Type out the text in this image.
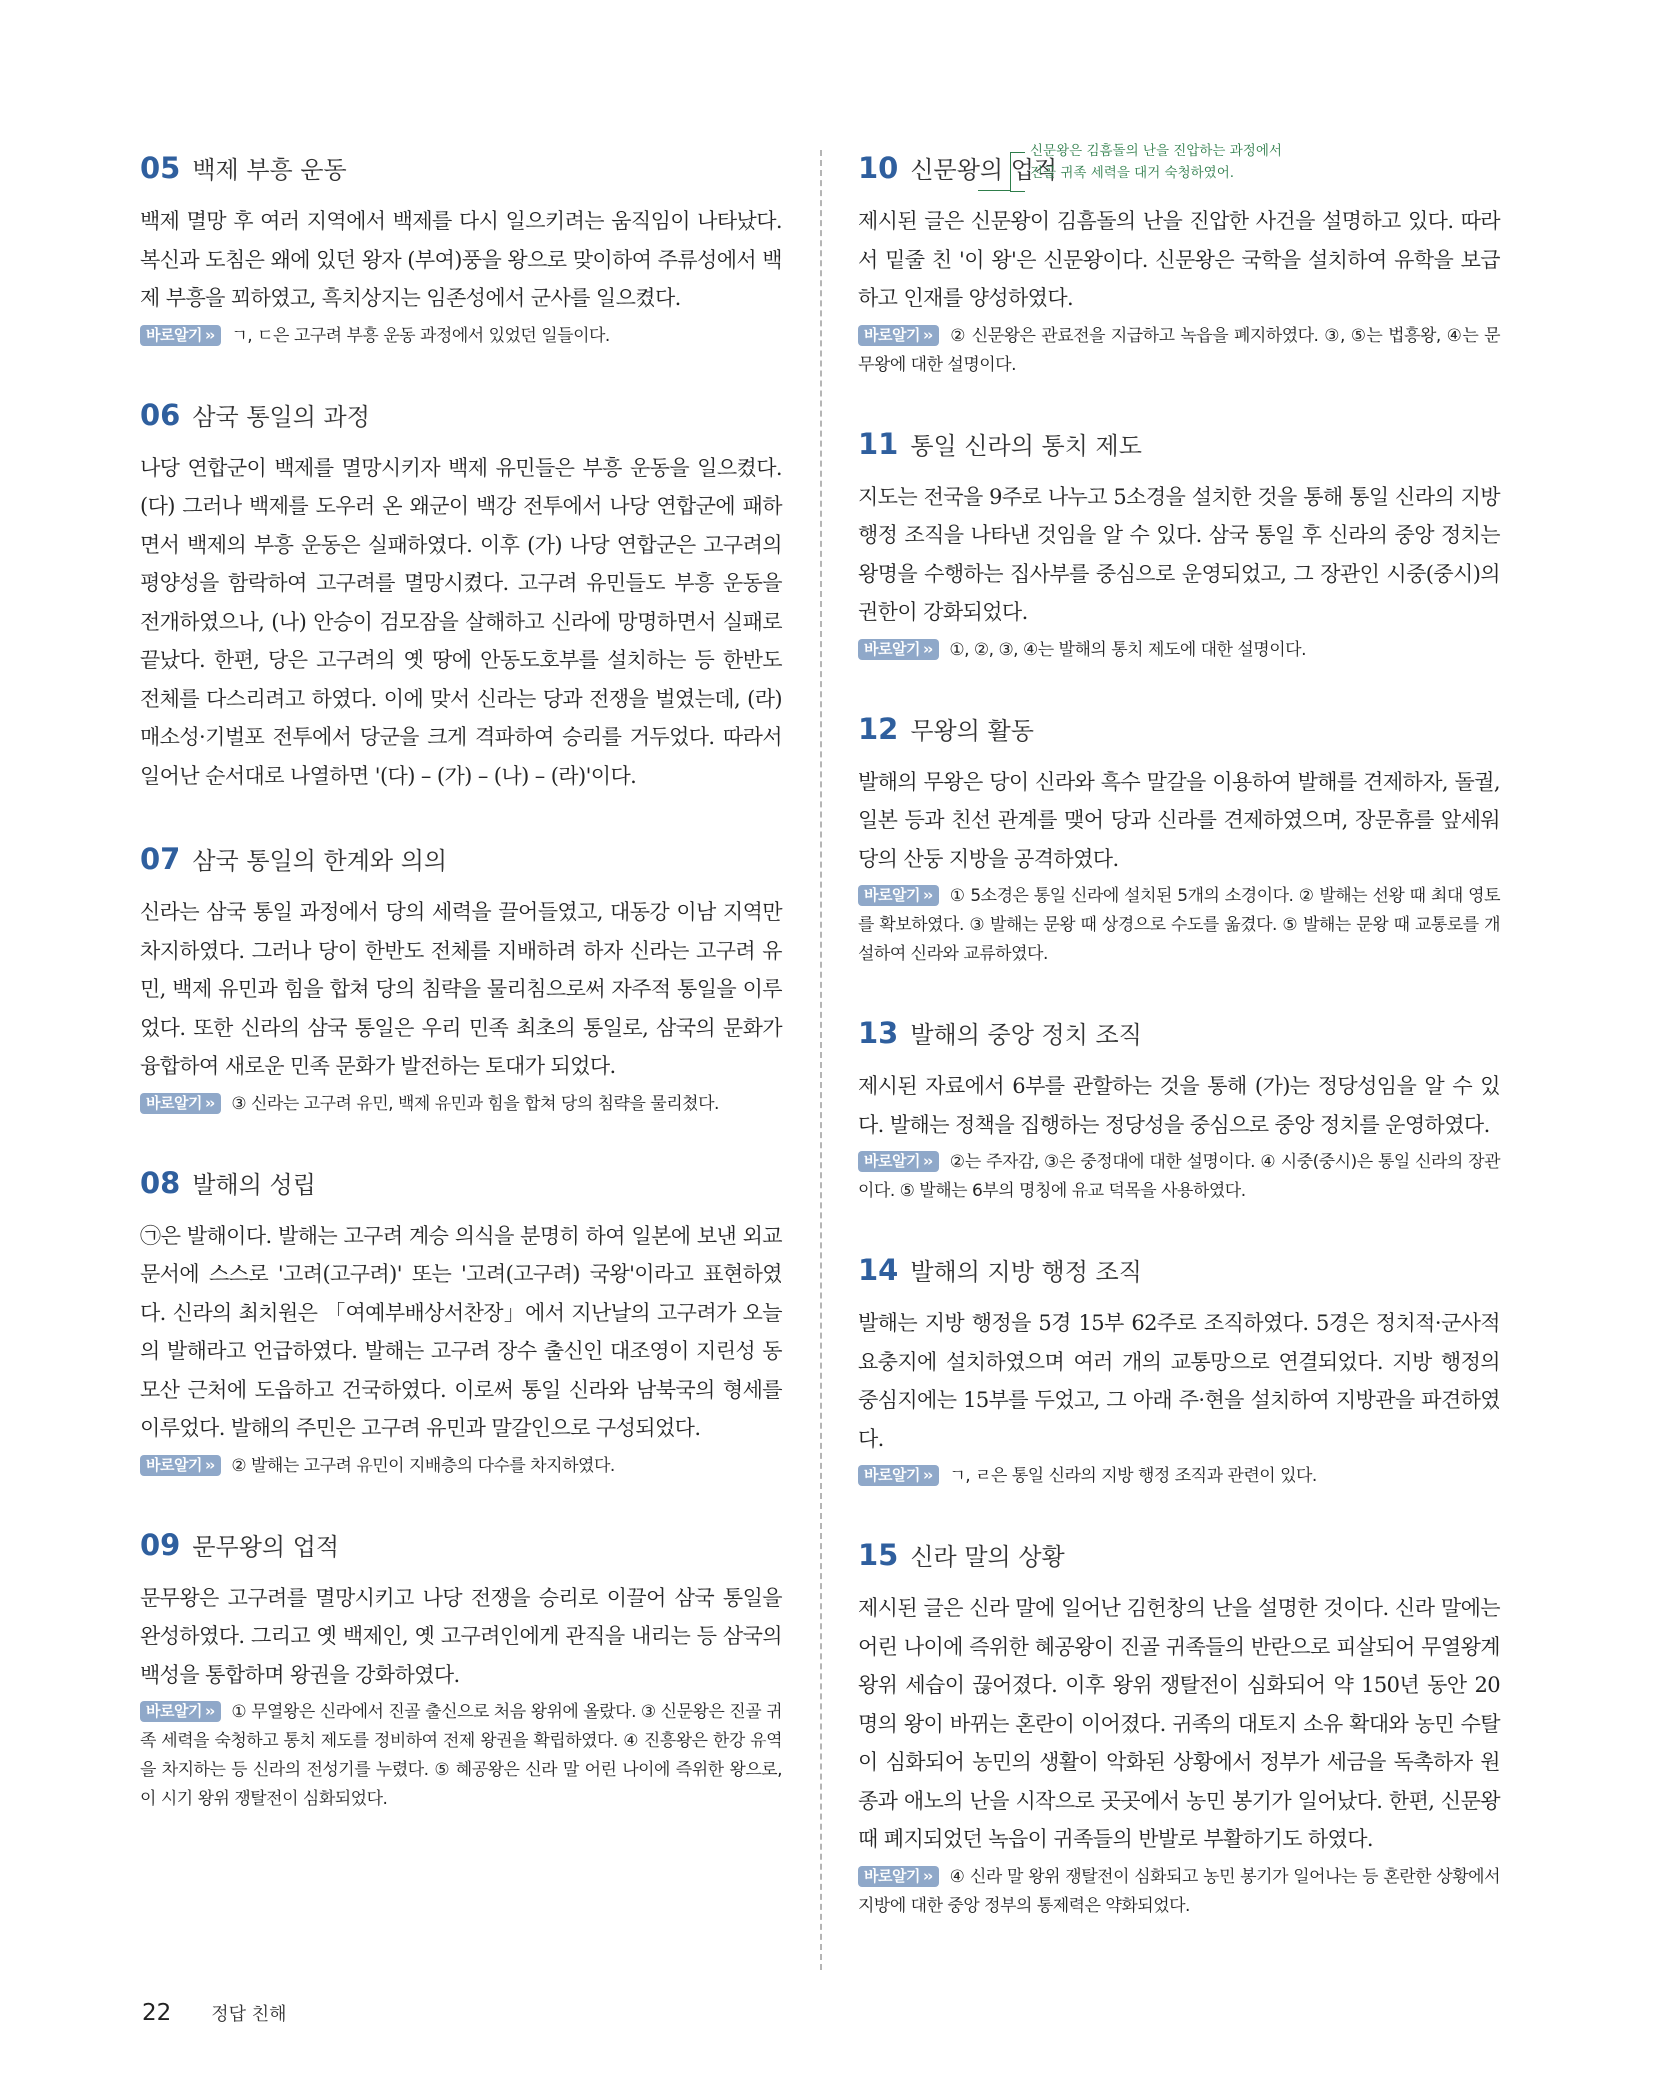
05 백제 부흥 운동

백제 멸망 후 여러 지역에서 백제를 다시 일으키려는 움직임이 나타났다. 복신과 도침은 왜에 있던 왕자 (부여)풍을 왕으로 맞이하여 주류성에서 백제 부흥을 꾀하였고, 흑치상지는 임존성에서 군사를 일으켰다.

바로알기 ›› ㄱ, ㄷ은 고구려 부흥 운동 과정에서 있었던 일들이다.
06 삼국 통일의 과정

나당 연합군이 백제를 멸망시키자 백제 유민들은 부흥 운동을 일으켰다. (다) 그러나 백제를 도우러 온 왜군이 백강 전투에서 나당 연합군에 패하면서 백제의 부흥 운동은 실패하였다. 이후 (가) 나당 연합군은 고구려의 평양성을 함락하여 고구려를 멸망시켰다. 고구려 유민들도 부흥 운동을 전개하였으나, (나) 안승이 검모잠을 살해하고 신라에 망명하면서 실패로 끝났다. 한편, 당은 고구려의 옛 땅에 안동도호부를 설치하는 등 한반도 전체를 다스리려고 하였다. 이에 맞서 신라는 당과 전쟁을 벌였는데, (라) 매소성·기벌포 전투에서 당군을 크게 격파하여 승리를 거두었다. 따라서 일어난 순서대로 나열하면 '(다) – (가) – (나) – (라)'이다.

07 삼국 통일의 한계와 의의

신라는 삼국 통일 과정에서 당의 세력을 끌어들였고, 대동강 이남 지역만 차지하였다. 그러나 당이 한반도 전체를 지배하려 하자 신라는 고구려 유민, 백제 유민과 힘을 합쳐 당의 침략을 물리침으로써 자주적 통일을 이루었다. 또한 신라의 삼국 통일은 우리 민족 최초의 통일로, 삼국의 문화가 융합하여 새로운 민족 문화가 발전하는 토대가 되었다.

바로알기 ›› ③ 신라는 고구려 유민, 백제 유민과 힘을 합쳐 당의 침략을 물리쳤다.
08 발해의 성립

㉠은 발해이다. 발해는 고구려 계승 의식을 분명히 하여 일본에 보낸 외교 문서에 스스로 '고려(고구려)' 또는 '고려(고구려) 국왕'이라고 표현하였다. 신라의 최치원은 「여예부배상서찬장」에서 지난날의 고구려가 오늘의 발해라고 언급하였다. 발해는 고구려 장수 출신인 대조영이 지린성 동모산 근처에 도읍하고 건국하였다. 이로써 통일 신라와 남북국의 형세를 이루었다. 발해의 주민은 고구려 유민과 말갈인으로 구성되었다.

바로알기 ›› ② 발해는 고구려 유민이 지배층의 다수를 차지하였다.
09 문무왕의 업적

문무왕은 고구려를 멸망시키고 나당 전쟁을 승리로 이끌어 삼국 통일을 완성하였다. 그리고 옛 백제인, 옛 고구려인에게 관직을 내리는 등 삼국의 백성을 통합하며 왕권을 강화하였다.

바로알기 ›› ① 무열왕은 신라에서 진골 출신으로 처음 왕위에 올랐다. ③ 신문왕은 진골 귀족 세력을 숙청하고 통치 제도를 정비하여 전제 왕권을 확립하였다. ④ 진흥왕은 한강 유역을 차지하는 등 신라의 전성기를 누렸다. ⑤ 혜공왕은 신라 말 어린 나이에 즉위한 왕으로, 이 시기 왕위 쟁탈전이 심화되었다.
10 신문왕의 업적

제시된 글은 신문왕이 김흠돌의 난을 진압한 사건을 설명하고 있다. 따라서 밑줄 친 '이 왕'은 신문왕이다. 신문왕은 국학을 설치하여 유학을 보급하고 인재를 양성하였다.

바로알기 ›› ② 신문왕은 관료전을 지급하고 녹읍을 폐지하였다. ③, ⑤는 법흥왕, ④는 문무왕에 대한 설명이다.
11 통일 신라의 통치 제도

지도는 전국을 9주로 나누고 5소경을 설치한 것을 통해 통일 신라의 지방 행정 조직을 나타낸 것임을 알 수 있다. 삼국 통일 후 신라의 중앙 정치는 왕명을 수행하는 집사부를 중심으로 운영되었고, 그 장관인 시중(중시)의 권한이 강화되었다.

바로알기 ›› ①, ②, ③, ④는 발해의 통치 제도에 대한 설명이다.
12 무왕의 활동

발해의 무왕은 당이 신라와 흑수 말갈을 이용하여 발해를 견제하자, 돌궐, 일본 등과 친선 관계를 맺어 당과 신라를 견제하였으며, 장문휴를 앞세워 당의 산둥 지방을 공격하였다.

바로알기 ›› ① 5소경은 통일 신라에 설치된 5개의 소경이다. ② 발해는 선왕 때 최대 영토를 확보하였다. ③ 발해는 문왕 때 상경으로 수도를 옮겼다. ⑤ 발해는 문왕 때 교통로를 개설하여 신라와 교류하였다.
13 발해의 중앙 정치 조직

제시된 자료에서 6부를 관할하는 것을 통해 (가)는 정당성임을 알 수 있다. 발해는 정책을 집행하는 정당성을 중심으로 중앙 정치를 운영하였다.

바로알기 ›› ②는 주자감, ③은 중정대에 대한 설명이다. ④ 시중(중시)은 통일 신라의 장관이다. ⑤ 발해는 6부의 명칭에 유교 덕목을 사용하였다.
14 발해의 지방 행정 조직

발해는 지방 행정을 5경 15부 62주로 조직하였다. 5경은 정치적·군사적 요충지에 설치하였으며 여러 개의 교통망으로 연결되었다. 지방 행정의 중심지에는 15부를 두었고, 그 아래 주·현을 설치하여 지방관을 파견하였다.

바로알기 ›› ㄱ, ㄹ은 통일 신라의 지방 행정 조직과 관련이 있다.
15 신라 말의 상황

제시된 글은 신라 말에 일어난 김헌창의 난을 설명한 것이다. 신라 말에는 어린 나이에 즉위한 혜공왕이 진골 귀족들의 반란으로 피살되어 무열왕계 왕위 세습이 끊어졌다. 이후 왕위 쟁탈전이 심화되어 약 150년 동안 20명의 왕이 바뀌는 혼란이 이어졌다. 귀족의 대토지 소유 확대와 농민 수탈이 심화되어 농민의 생활이 악화된 상황에서 정부가 세금을 독촉하자 원종과 애노의 난을 시작으로 곳곳에서 농민 봉기가 일어났다. 한편, 신문왕 때 폐지되었던 녹읍이 귀족들의 반발로 부활하기도 하였다.

바로알기 ›› ④ 신라 말 왕위 쟁탈전이 심화되고 농민 봉기가 일어나는 등 혼란한 상황에서 지방에 대한 중앙 정부의 통제력은 약화되었다.
신문왕은 김흠돌의 난을 진압하는 과정에서
진골 귀족 세력을 대거 숙청하였어.
22 정답 친해
